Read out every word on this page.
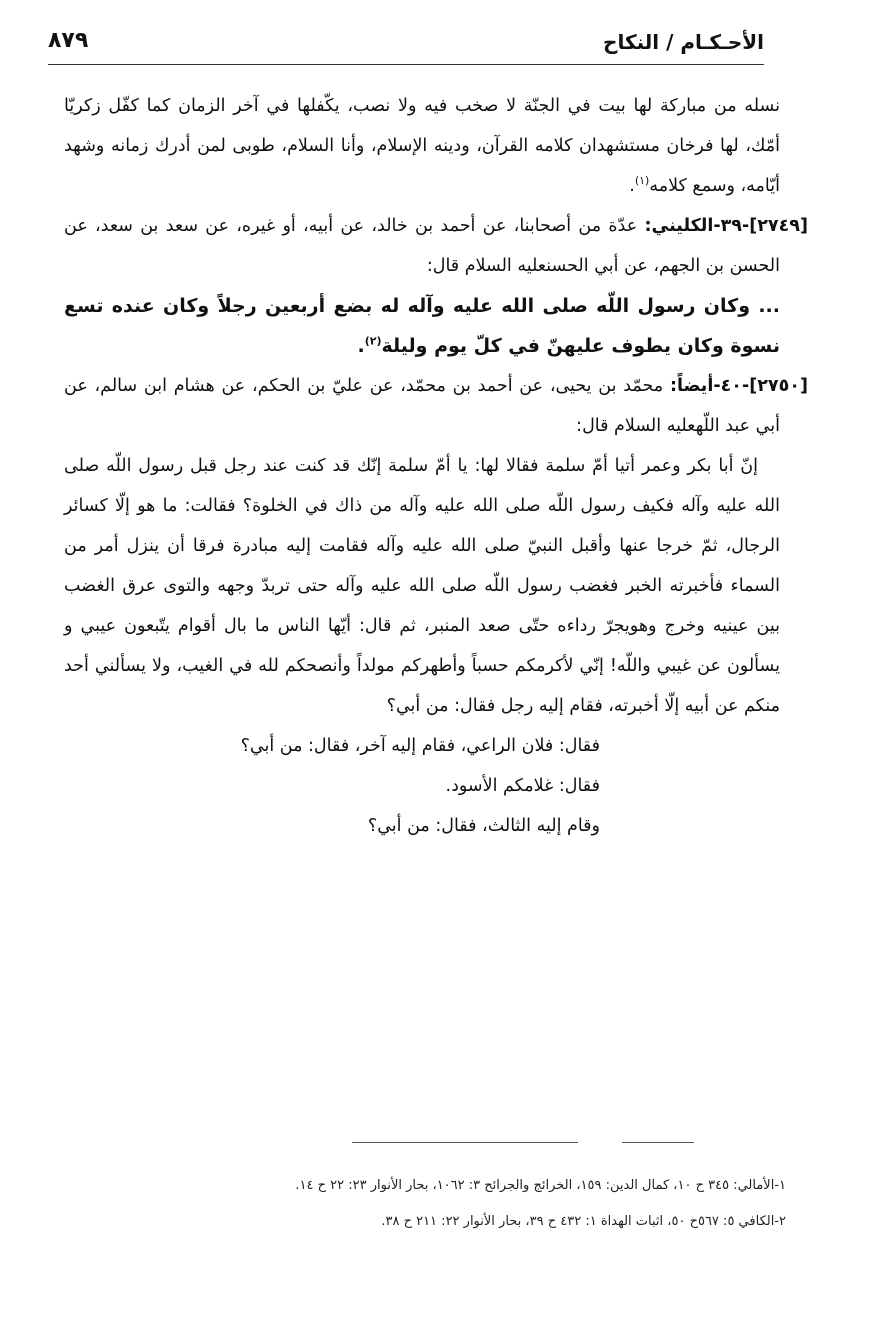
الأحـكـام / النكاح
٨٧٩

نسله من مباركة لها بيت في الجنّة لا صخب فيه ولا نصب، يكّفلها في آخر الزمان كما كفّل زكريّا أمّك، لها فرخان مستشهدان كلامه القرآن، ودينه الإسلام، وأنا السلام، طوبى لمن أدرك زمانه وشهد أيّامه، وسمع كلامه$^{(١)}$.

[٢٧٤٩]-٣٩-الكليني: عدّة من أصحابنا، عن أحمد بن خالد، عن أبيه، أو غيره، عن سعد بن سعد، عن الحسن بن الجهم، عن أبي الحسنعليه السلام قال:

... وكان رسول اللّه صلى الله عليه وآله له بضع أربعين رجلاً وكان عنده تسع نسوة وكان يطوف عليهنّ في كلّ يوم وليلة$^{(٢)}$.

[٢٧٥٠]-٤٠-أيضاً: محمّد بن يحيى، عن أحمد بن محمّد، عن عليّ بن الحكم، عن هشام ابن سالم، عن أبي عبد اللّهعليه السلام قال:

إنّ أبا بكر وعمر أتيا أمّ سلمة فقالا لها: يا أمّ سلمة إنّك قد كنت عند رجل قبل رسول اللّه صلى الله عليه وآله فكيف رسول اللّه صلى الله عليه وآله من ذاك في الخلوة؟ فقالت: ما هو إلّا كسائر الرجال، ثمّ خرجا عنها وأقبل النبيّ صلى الله عليه وآله فقامت إليه مبادرة فرقا أن ينزل أمر من السماء فأخبرته الخبر فغضب رسول اللّه صلى الله عليه وآله حتى تربدّ وجهه والتوى عرق الغضب بين عينيه وخرج وهويجرّ رداءه حتّى صعد المنبر، ثم قال: أيّها الناس ما بال أقوام يتّبعون عيبي و يسألون عن غيبي واللّه! إنّي لأكرمكم حسباً وأطهركم مولداً وأنصحكم لله في الغيب، ولا يسألني أحد منكم عن أبيه إلّا أخبرته، فقام إليه رجل فقال: من أبي؟

فقال: فلان الراعي، فقام إليه آخر، فقال: من أبي؟

فقال: غلامكم الأسود.

وقام إليه الثالث، فقال: من أبي؟

١-الأمالي: ٣٤٥ ح ١٠، كمال الدين: ١٥٩، الخرائج والجرائح ٣: ١٠٦٢، بحار الأنوار ٢٣: ٢٢ ح ١٤.

٢-الكافي ٥: ٥٦٧ح ٥٠، اثبات الهداة ١: ٤٣٢ ح ٣٩، بحار الأنوار ٢٢: ٢١١ ح ٣٨.
